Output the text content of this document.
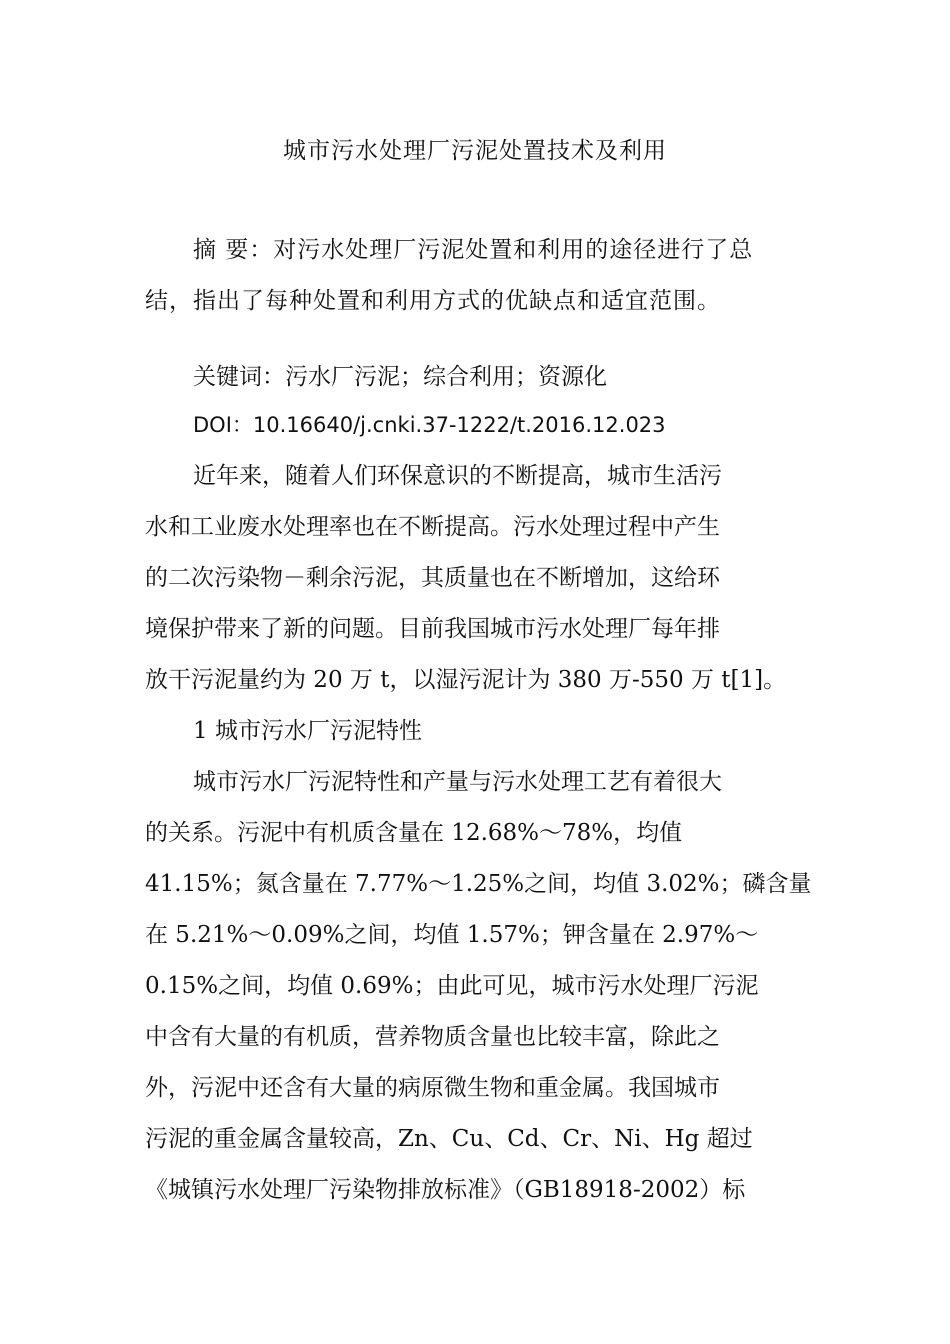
城市污水处理厂污泥处置技术及利用
摘 要：对污水处理厂污泥处置和利用的途径进行了总
结，指出了每种处置和利用方式的优缺点和适宜范围。
关键词：污水厂污泥；综合利用；资源化
DOI：10.16640/j.cnki.37-1222/t.2016.12.023
近年来，随着人们环保意识的不断提高，城市生活污
水和工业废水处理率也在不断提高。污水处理过程中产生
的二次污染物－剩余污泥，其质量也在不断增加，这给环
境保护带来了新的问题。目前我国城市污水处理厂每年排
放干污泥量约为 20 万 t，以湿污泥计为 380 万-550 万 t[1]。
1 城市污水厂污泥特性
城市污水厂污泥特性和产量与污水处理工艺有着很大
的关系。污泥中有机质含量在 12.68%～78%，均值
41.15%；氮含量在 7.77%～1.25%之间，均值 3.02%；磷含量
在 5.21%～0.09%之间，均值 1.57%；钾含量在 2.97%～
0.15%之间，均值 0.69%；由此可见，城市污水处理厂污泥
中含有大量的有机质，营养物质含量也比较丰富，除此之
外，污泥中还含有大量的病原微生物和重金属。我国城市
污泥的重金属含量较高，Zn、Cu、Cd、Cr、Ni、Hg 超过
《城镇污水处理厂污染物排放标准》（GB18918-2002）标
